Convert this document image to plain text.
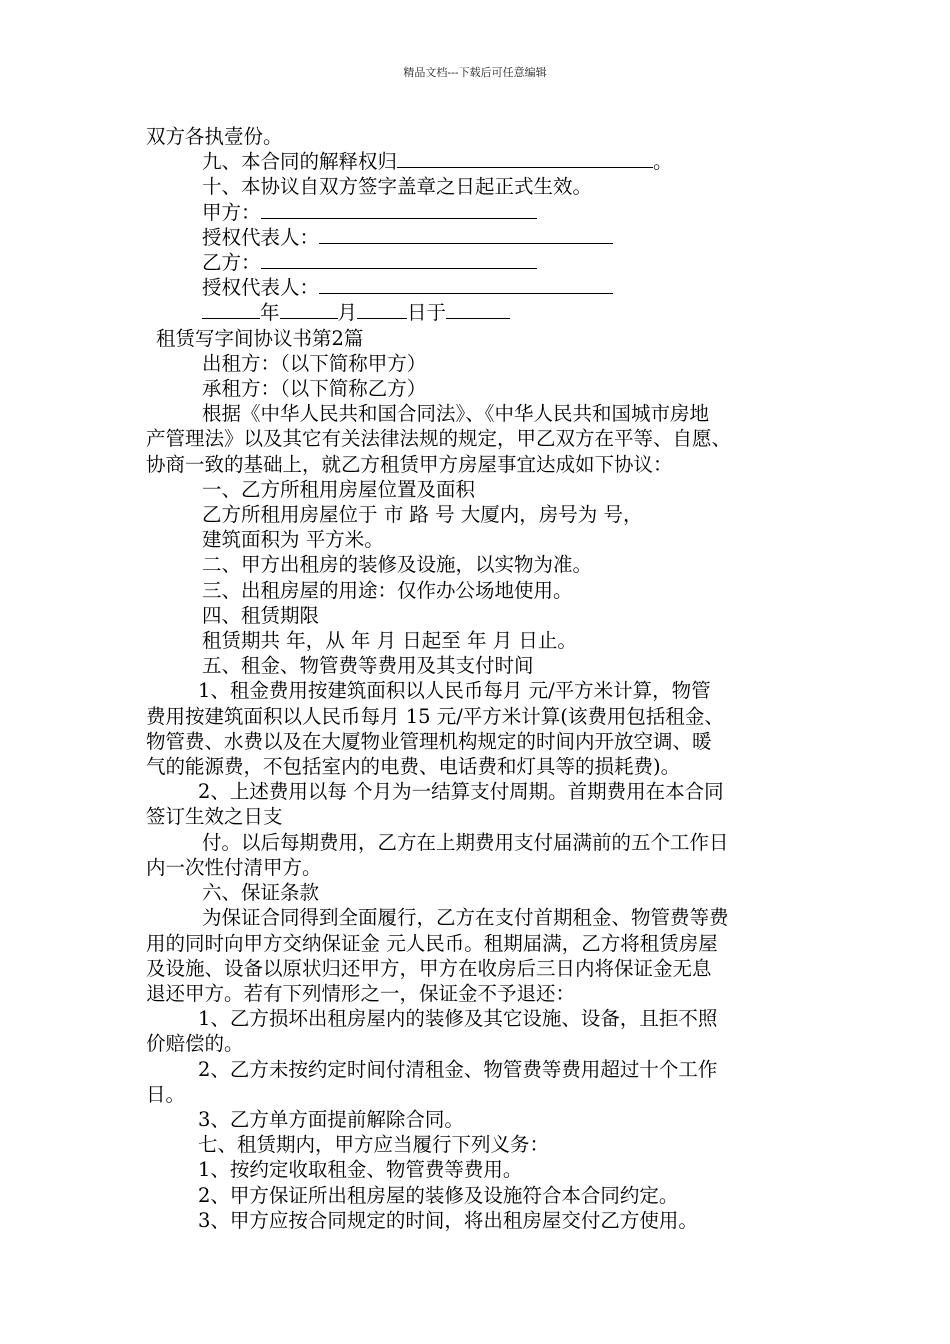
精品文档---下载后可任意编辑

双方各执壹份。

九、本合同的解释权归	。

十、本协议自双方签字盖章之日起正式生效。

甲方：

授权代表人：

乙方：

授权代表人：

年	月	日于

租赁写字间协议书第2篇

出租方：（以下简称甲方）

承租方：（以下简称乙方）

根据《中华人民共和国合同法》、《中华人民共和国城市房地

产管理法》以及其它有关法律法规的规定，甲乙双方在平等、自愿、

协商一致的基础上，就乙方租赁甲方房屋事宜达成如下协议：

一、乙方所租用房屋位置及面积

乙方所租用房屋位于 市 路 号 大厦内，房号为 号，

建筑面积为 平方米。

二、甲方出租房的装修及设施，以实物为准。

三、出租房屋的用途：仅作办公场地使用。

四、租赁期限

租赁期共 年，从 年 月 日起至 年 月 日止。

五、租金、物管费等费用及其支付时间

1、租金费用按建筑面积以人民币每月 元/平方米计算，物管

费用按建筑面积以人民币每月 15 元/平方米计算(该费用包括租金、

物管费、水费以及在大厦物业管理机构规定的时间内开放空调、暖

气的能源费，不包括室内的电费、电话费和灯具等的损耗费)。

2、上述费用以每 个月为一结算支付周期。首期费用在本合同

签订生效之日支

付。以后每期费用，乙方在上期费用支付届满前的五个工作日

内一次性付清甲方。

六、保证条款

为保证合同得到全面履行，乙方在支付首期租金、物管费等费

用的同时向甲方交纳保证金 元人民币。租期届满，乙方将租赁房屋

及设施、设备以原状归还甲方，甲方在收房后三日内将保证金无息

退还甲方。若有下列情形之一，保证金不予退还：

1、乙方损坏出租房屋内的装修及其它设施、设备，且拒不照

价赔偿的。

2、乙方未按约定时间付清租金、物管费等费用超过十个工作

日。

3、乙方单方面提前解除合同。

七、租赁期内，甲方应当履行下列义务：

1、按约定收取租金、物管费等费用。

2、甲方保证所出租房屋的装修及设施符合本合同约定。

3、甲方应按合同规定的时间，将出租房屋交付乙方使用。
